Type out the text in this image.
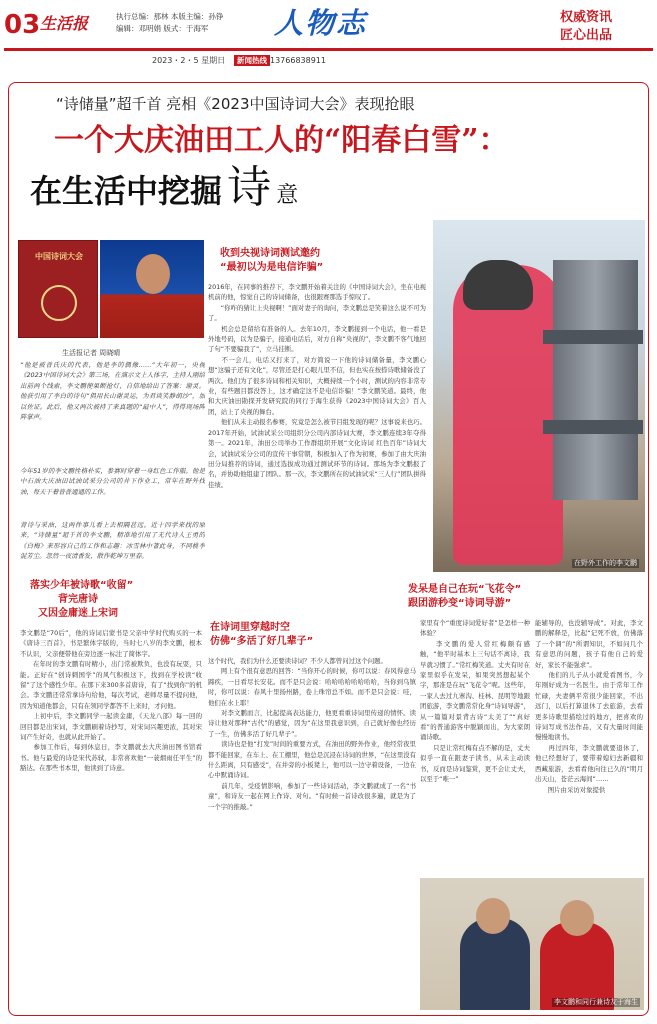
03 生活报	执行总编：那林 本版主编：孙铮
编辑：邓明娟 版式：于海军 人物志	权威资讯
匠心出品
2023・2・5 星期日	新闻热线 13766838911
“诗储量”超千首 亮相《2023中国诗词大会》表现抢眼
一个大庆油田工人的“阳春白雪”：
在生活中挖掘 诗 意
在野外工作的李文鹏
中国诗词大会
生活报记者 周晓晴
“他是被普氏庆的代表，他是李的偶像……”大年初一，央视《2023中国诗词大会》第三场，在演示文上人体字，主持人刚给出前两个线索，李文鹏便果断抢灯，自信地给出了答案：谢灵。他获引用了李白的诗句“俱用长山谢灵运，为君谈笑静胡沙”，加以佐证。此后，他又两次被持了来真题的“最中人”，得得现场阵阵掌声。
今年51岁的李文鹏性格朴实，参赛时穿着一身红色工作服。他是中石油大庆油田试油试采分公司的井下作业工，常年在野外找油，每天干着普普通通的工作。
背诗与采油，这两件事儿看上去相隔甚远。近十四学来找的原来，“诗储量”超千首的李文鹏，精准地引用了无代诗人王勇的《白梅》来形容自己的工作和志趣：冰雪林中著此身，不同桃李混芳尘。忽然一夜清香发，散作乾坤万里春。
收到央视诗词测试邀约
“最初以为是电信诈骗”
2016年，在同事的推荐下，李文鹏开始着关注的《中国诗词大会》，坐在电视机前的他，惊觉自己的诗词储备，也很跟赛那选手惊叹了。
　　“你咋的猜让上央视啊！”面对妻子的询问，李文鹏总是笑着这么说不可为了。
　　机会总是留给有准备的人。去年10月，李文鹏接到一个电话，他一看是外地号码，以为是骗子，接通电话后，对方自称“央视的”，李文鹏不客气地回了句“不要骗我了”，立马挂断。
　　不一会儿，电话又打来了，对方简说一下他的诗词储备量，李文鹏心想“这骗子还有文化”，尽管还是打心眼儿里不信，但也实在按捺诗歌储备没了两次。他们为了很多诗词和相关知识，大概持续一个小时，测试的内容非常专业，有些题目都没答上，这才确定这不是电信诈骗！”李文鹏笑道。最终，他和大庆油田勘探开发研究院的同行于海生获得《2023中国诗词大会》百人团，站上了央视的舞台。
　　他们从未主动报名参赛，究竟是怎么被节目组发现的呢？这事说来也巧。2017年开始，试油试采公司组织分公司内部诗词大赛，李文鹏连续3年夺得第一。2021年，油田公司举办工作群组织开展“文化诗词 红色百年”诗词大会，试油试采分公司的宣传干事常朝，积极加入了作为初赛，参加了由大庆油田分局推荐的诗词，通过选拔成功通过测试环节的诗词。那场为李文鹏报了名，并协助他组建了团队。那一次，李文鹏所在的试油试采“三人行”团队拼得佳绩。
落实少年被诗歌“收留”
背完唐诗
又因金庸迷上宋词
李文鹏是“70后”，他的诗词启蒙书是父亲中学时代购买的一本《唐诗三百首》，书是繁体字版的，当时七八岁的李文鹏，根本不认识，父亲便带他在旁边逐一标注了简体字。
　　在年时的李文鹏有时精小，出门常被欺负，也没有玩耍，只能。正好在“创诗刺国学”的风气积极这下，找到在学校读“收留”了这个感性少年。在那下来300多首唐诗，有了“找到你”的机会。李文鹏还常常拿诗句给他，每次考试，老师尽量不提问他，因为知道他都会，只有在领同学都答不上来时，才问他。
　　上初中后，李文鹏同学一起读金庸，《天龙八部》每一回的回目都是出宋词，李文鹏刷着诗抄写，对宋词兴趣更浓，其对宋词产生好奇，也就从此开始了。
　　参加工作后，每到休息日，李文鹏就去大庆油田图书馆看书。他与最爱的诗是宋代苏轼，非常喜欢他“一蓑烟雨任平生”的豁达。在那些书本里，他读到了诗意。
在诗词里穿越时空
仿佛“多活了好几辈子”
这个时代，我们为什么还要读诗词？不少人都曾问过这个问题。
　　网上有个很有意思的回答：“当你开心的时候，你可以说：春风得意马蹄疾，一日看尽长安花。而不是只会说：哈哈哈哈哈哈哈哈，当你到乌镇时，你可以说：春风十里扬州路，卷上珠帘总不如。而不是只会说：哇，他们在水上耶！
　　对李文鹏而言，比起提高表达能力，他更看重诗词里传递的情怀。读诗让他对那种“古代”的感觉，因为“在这里我意识到，自己就好像也经历了一生，仿佛多活了好几辈子”。
　　读诗也是他“打发”时间的重要方式，在油田的野外作业，他经常夜里都不能回家，在车上、在工棚里，他总是沉浸在诗词的世界，“在这里没有什么距离，只有感受”，在井旁的小板凳上，他可以一边守着设备，一边在心中默诵诗词。
　　前几年，受疫情影响，参加了一些诗词活动，李文鹏就成了一名“书童”，和诗友一起在网上作诗、对句。“有时候一首诗改很多遍，就是为了一个字的推敲。”
发呆是自己在玩“飞花令”
跟团游秒变“诗词导游”
家里有个“重度诗词爱好者”是怎样一种体验？
　　李文鹏的爱人常红梅颇有感触，“他平时基本上三句话不离诗，我早就习惯了。”常红梅笑道。丈夫有时在家里似乎在发呆，如果突然想起某个字，那准是在玩“飞花令”呢。这些年，一家人去过九寨沟、桂林、昆明等地跟团旅游，李文鹏常常化身“诗词导游”，从一篇篇对景背古诗“太美了”“真好看”的普通游客中脱颖而出，为大家朗诵诗歌。
　　只是让常红梅有点不解的是，丈夫似乎一直在跟妻子读书，从未主动读书，反而是诗词鉴赏，更不会让丈夫，以至于“唯一”
能辅导的，也没辅导成”。对此，李文鹏的解释是，比起“记死不放，仿佛落了一个调”的“所谓知识，不如问几个有意思的问题，孩子有他自己的爱好，家长不能强求”。
　　他们的儿子从小就爱看图书，今年刚好成为一名医生。由于常年工作忙碌，夫妻俩平常很少能回家，不出远门，以后打算退休了去旅游，去看更多诗歌里描绘过的地方，把喜欢的诗词写成书法作品，又有大量时间能慢慢地读书。
　　再过四年，李文鹏就要退休了，他已经想好了，要带着媳妇去新疆和西藏旅游，去看看他向往已久的“明月出天山，苍茫云海间”……
　　图片由采访对象提供
李文鹏和同行兼诗友于海生
